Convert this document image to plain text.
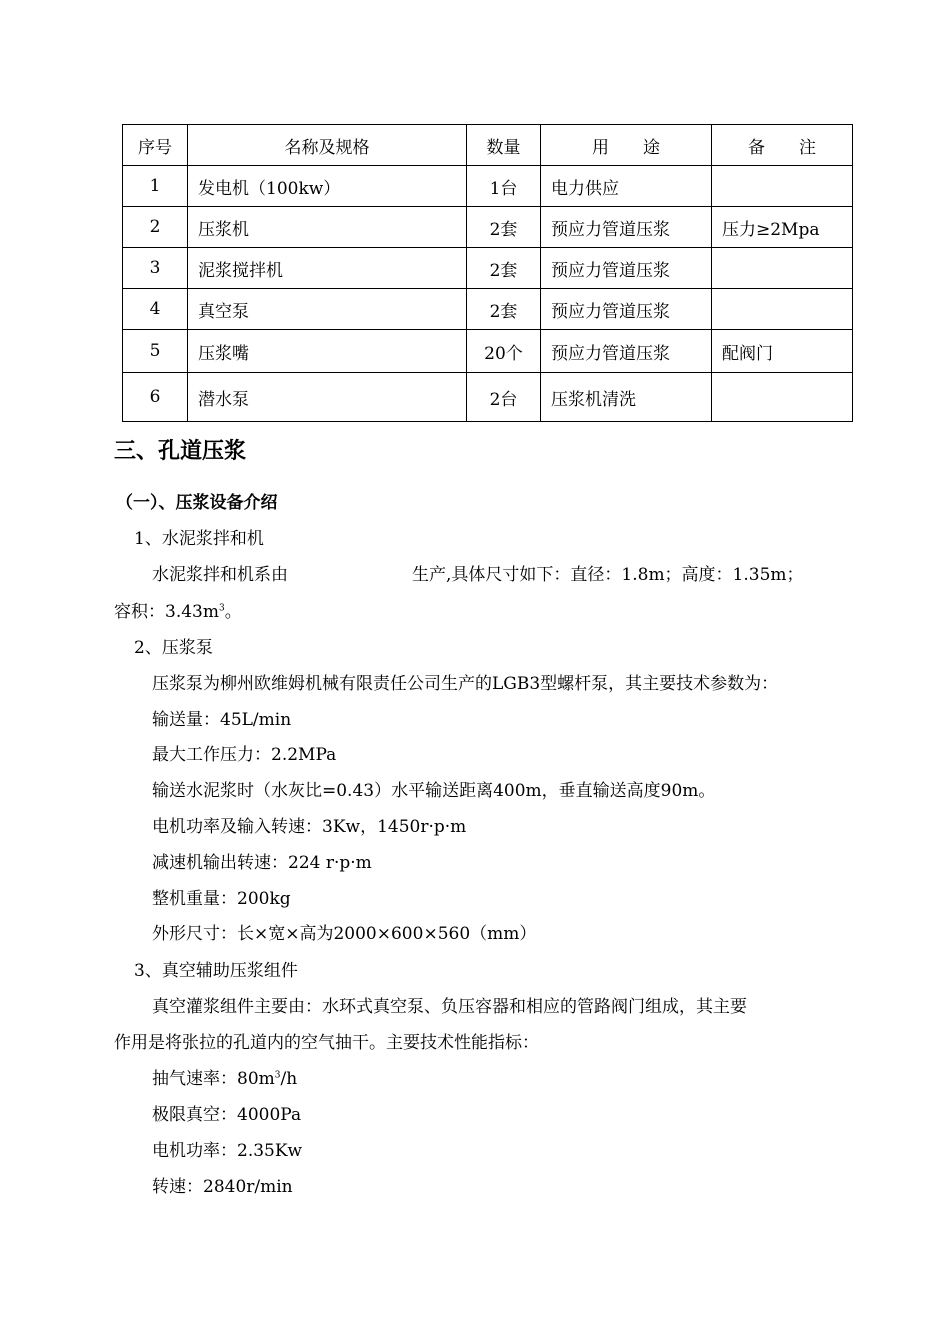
序号	名称及规格	数量	用　　途	备　　注
1	发电机（100kw）	1台	电力供应	
2	压浆机	2套	预应力管道压浆	压力≥2Mpa
3	泥浆搅拌机	2套	预应力管道压浆	
4	真空泵	2套	预应力管道压浆	
5	压浆嘴	20个	预应力管道压浆	配阀门
6	潜水泵	2台	压浆机清洗	
三、孔道压浆
（一）、压浆设备介绍
1、水泥浆拌和机
水泥浆拌和机系由	生产,具体尺寸如下：直径：1.8m；高度：1.35m；
容积：$3.43m^3$。
2、压浆泵
压浆泵为柳州欧维姆机械有限责任公司生产的LGB3型螺杆泵，其主要技术参数为：
输送量：45L/min
最大工作压力：2.2MPa
输送水泥浆时（水灰比=0.43）水平输送距离400m，垂直输送高度90m。
电机功率及输入转速：3Kw，1450r·p·m
减速机输出转速：224 r·p·m
整机重量：200kg
外形尺寸：长×宽×高为2000×600×560（mm）
3、真空辅助压浆组件
真空灌浆组件主要由：水环式真空泵、负压容器和相应的管路阀门组成，其主要
作用是将张拉的孔道内的空气抽干。主要技术性能指标：
抽气速率：$80m^3/h$
极限真空：4000Pa
电机功率：2.35Kw
转速：2840r/min
